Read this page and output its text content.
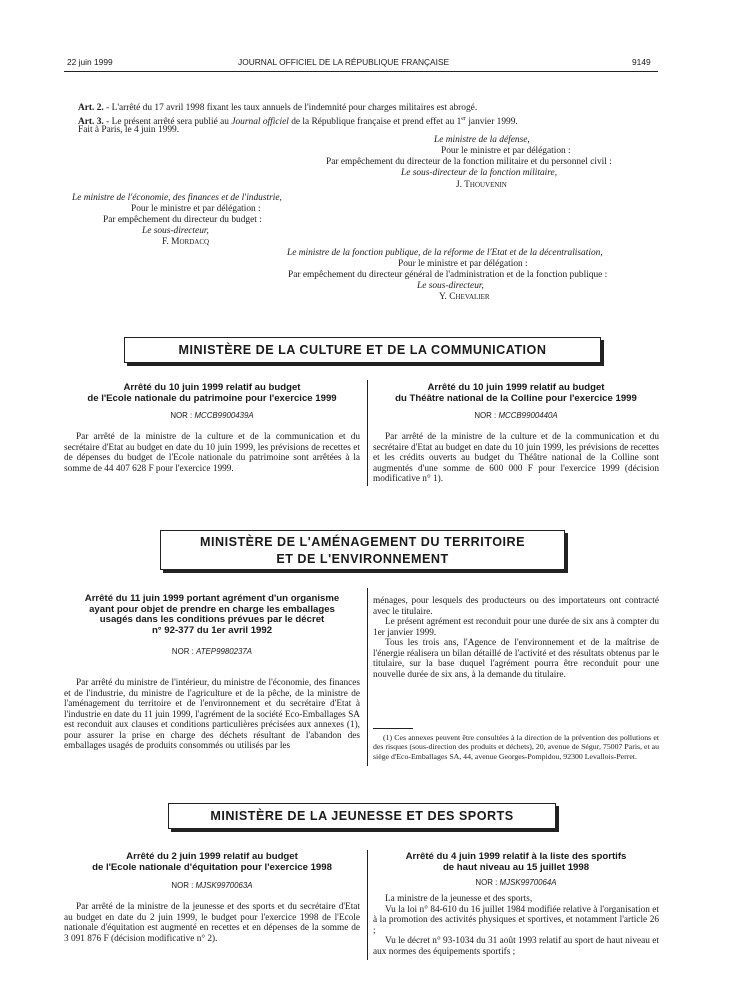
22 juin 1999	JOURNAL OFFICIEL DE LA RÉPUBLIQUE FRANÇAISE	9149
Art. 2. - L'arrêté du 17 avril 1998 fixant les taux annuels de l'indemnité pour charges militaires est abrogé.
Art. 3. - Le présent arrêté sera publié au Journal officiel de la République française et prend effet au 1er janvier 1999.
Fait à Paris, le 4 juin 1999.
Le ministre de la défense,
Pour le ministre et par délégation :
Par empêchement du directeur de la fonction militaire et du personnel civil :
Le sous-directeur de la fonction militaire,
J. Thouvenin
Le ministre de l'économie, des finances et de l'industrie,
Pour le ministre et par délégation :
Par empêchement du directeur du budget :
Le sous-directeur,
F. Mordacq
Le ministre de la fonction publique, de la réforme de l'Etat et de la décentralisation,
Pour le ministre et par délégation :
Par empêchement du directeur général de l'administration et de la fonction publique :
Le sous-directeur,
Y. Chevalier
MINISTÈRE DE LA CULTURE ET DE LA COMMUNICATION
Arrêté du 10 juin 1999 relatif au budget
de l'Ecole nationale du patrimoine pour l'exercice 1999
NOR : MCCB9900439A

Par arrêté de la ministre de la culture et de la communication et du secrétaire d'Etat au budget en date du 10 juin 1999, les prévisions de recettes et de dépenses du budget de l'Ecole nationale du patrimoine sont arrêtées à la somme de 44 407 628 F pour l'exercice 1999.

Arrêté du 10 juin 1999 relatif au budget
du Théâtre national de la Colline pour l'exercice 1999
NOR : MCCB9900440A

Par arrêté de la ministre de la culture et de la communication et du secrétaire d'Etat au budget en date du 10 juin 1999, les prévisions de recettes et les crédits ouverts au budget du Théâtre national de la Colline sont augmentés d'une somme de 600 000 F pour l'exercice 1999 (décision modificative n° 1).

MINISTÈRE DE L'AMÉNAGEMENT DU TERRITOIRE
ET DE L'ENVIRONNEMENT
Arrêté du 11 juin 1999 portant agrément d'un organisme
ayant pour objet de prendre en charge les emballages
usagés dans les conditions prévues par le décret
n° 92-377 du 1er avril 1992
NOR : ATEP9980237A

Par arrêté du ministre de l'intérieur, du ministre de l'économie, des finances et de l'industrie, du ministre de l'agriculture et de la pêche, de la ministre de l'aménagement du territoire et de l'environnement et du secrétaire d'Etat à l'industrie en date du 11 juin 1999, l'agrément de la société Eco-Emballages SA est reconduit aux clauses et conditions particulières précisées aux annexes (1), pour assurer la prise en charge des déchets résultant de l'abandon des emballages usagés de produits consommés ou utilisés par les

ménages, pour lesquels des producteurs ou des importateurs ont contracté avec le titulaire.

Le présent agrément est reconduit pour une durée de six ans à compter du 1er janvier 1999.

Tous les trois ans, l'Agence de l'environnement et de la maîtrise de l'énergie réalisera un bilan détaillé de l'activité et des résultats obtenus par le titulaire, sur la base duquel l'agrément pourra être reconduit pour une nouvelle durée de six ans, à la demande du titulaire.

(1) Ces annexes peuvent être consultées à la direction de la prévention des pollutions et des risques (sous-direction des produits et déchets), 20, avenue de Ségur, 75007 Paris, et au siège d'Eco-Emballages SA, 44, avenue Georges-Pompidou, 92300 Levallois-Perret.
MINISTÈRE DE LA JEUNESSE ET DES SPORTS
Arrêté du 2 juin 1999 relatif au budget
de l'Ecole nationale d'équitation pour l'exercice 1998
NOR : MJSK9970063A

Par arrêté de la ministre de la jeunesse et des sports et du secrétaire d'Etat au budget en date du 2 juin 1999, le budget pour l'exercice 1998 de l'Ecole nationale d'équitation est augmenté en recettes et en dépenses de la somme de 3 091 876 F (décision modificative n° 2).

Arrêté du 4 juin 1999 relatif à la liste des sportifs
de haut niveau au 15 juillet 1998
NOR : MJSK9970064A

La ministre de la jeunesse et des sports,

Vu la loi n° 84-610 du 16 juillet 1984 modifiée relative à l'organisation et à la promotion des activités physiques et sportives, et notamment l'article 26 ;

Vu le décret n° 93-1034 du 31 août 1993 relatif au sport de haut niveau et aux normes des équipements sportifs ;
